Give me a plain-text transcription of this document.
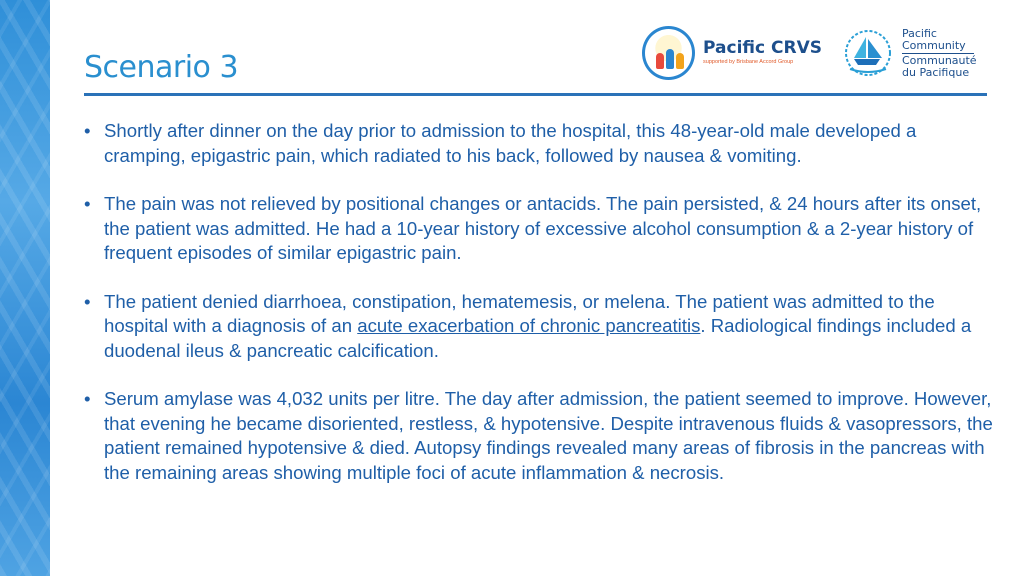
Scenario 3
Pacific CRVS
supported by Brisbane Accord Group
Pacific
Community
Communauté
du Pacifique
• Shortly after dinner on the day prior to admission to the hospital, this 48-year-old male developed a cramping, epigastric pain, which radiated to his back, followed by nausea & vomiting.
• The pain was not relieved by positional changes or antacids. The pain persisted, & 24 hours after its onset, the patient was admitted. He had a 10-year history of excessive alcohol consumption & a 2-year history of frequent episodes of similar epigastric pain.
• The patient denied diarrhoea, constipation, hematemesis, or melena. The patient was admitted to the hospital with a diagnosis of an acute exacerbation of chronic pancreatitis. Radiological findings included a duodenal ileus & pancreatic calcification.
• Serum amylase was 4,032 units per litre. The day after admission, the patient seemed to improve. However, that evening he became disoriented, restless, & hypotensive. Despite intravenous fluids & vasopressors, the patient remained hypotensive & died. Autopsy findings revealed many areas of fibrosis in the pancreas with the remaining areas showing multiple foci of acute inflammation & necrosis.
